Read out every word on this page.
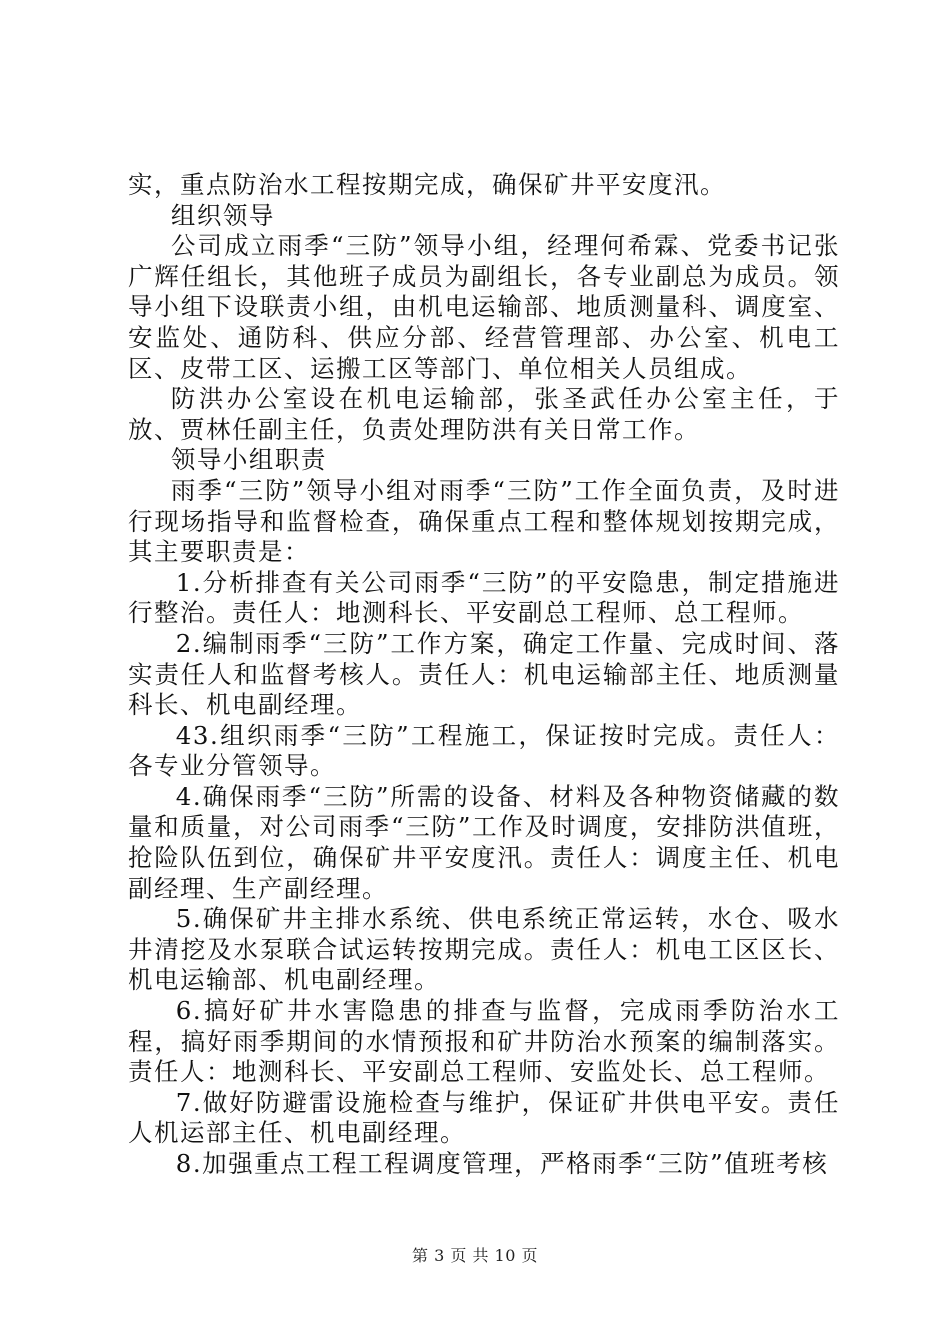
实，重点防治水工程按期完成，确保矿井平安度汛。

组织领导

公司成立雨季“三防”领导小组，经理何希霖、党委书记张广辉任组长，其他班子成员为副组长，各专业副总为成员。领导小组下设联责小组，由机电运输部、地质测量科、调度室、安监处、通防科、供应分部、经营管理部、办公室、机电工区、皮带工区、运搬工区等部门、单位相关人员组成。

防洪办公室设在机电运输部，张圣武任办公室主任，于放、贾林任副主任，负责处理防洪有关日常工作。

领导小组职责

雨季“三防”领导小组对雨季“三防”工作全面负责，及时进行现场指导和监督检查，确保重点工程和整体规划按期完成，其主要职责是：

1.分析排查有关公司雨季“三防”的平安隐患，制定措施进行整治。责任人：地测科长、平安副总工程师、总工程师。

2.编制雨季“三防”工作方案，确定工作量、完成时间、落实责任人和监督考核人。责任人：机电运输部主任、地质测量科长、机电副经理。

43.组织雨季“三防”工程施工，保证按时完成。责任人：各专业分管领导。

4.确保雨季“三防”所需的设备、材料及各种物资储藏的数量和质量，对公司雨季“三防”工作及时调度，安排防洪值班，抢险队伍到位，确保矿井平安度汛。责任人：调度主任、机电副经理、生产副经理。

5.确保矿井主排水系统、供电系统正常运转，水仓、吸水井清挖及水泵联合试运转按期完成。责任人：机电工区区长、机电运输部、机电副经理。

6.搞好矿井水害隐患的排查与监督，完成雨季防治水工程，搞好雨季期间的水情预报和矿井防治水预案的编制落实。责任人：地测科长、平安副总工程师、安监处长、总工程师。

7.做好防避雷设施检查与维护，保证矿井供电平安。责任人机运部主任、机电副经理。

8.加强重点工程工程调度管理，严格雨季“三防”值班考核

第 3 页 共 10 页
